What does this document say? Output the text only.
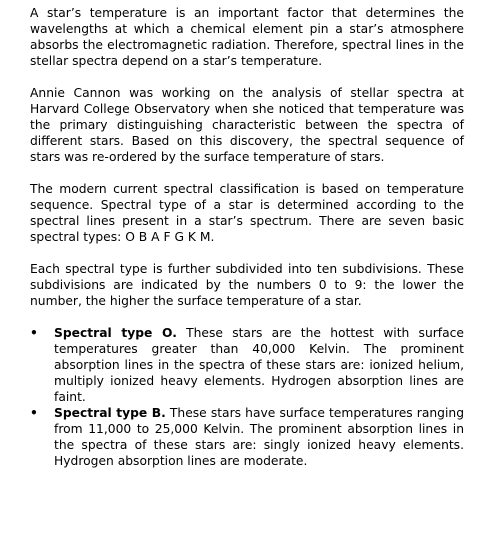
A star’s temperature is an important factor that determines the wavelengths at which a chemical element pin a star’s atmosphere absorbs the electromagnetic radiation. Therefore, spectral lines in the stellar spectra depend on a star’s temperature.

Annie Cannon was working on the analysis of stellar spectra at Harvard College Observatory when she noticed that temperature was the primary distinguishing characteristic between the spectra of different stars. Based on this discovery, the spectral sequence of stars was re-ordered by the surface temperature of stars.

The modern current spectral classification is based on temperature sequence. Spectral type of a star is determined according to the spectral lines present in a star’s spectrum. There are seven basic spectral types: O B A F G K M.

Each spectral type is further subdivided into ten subdivisions. These subdivisions are indicated by the numbers 0 to 9: the lower the number, the higher the surface temperature of a star.

• Spectral type O. These stars are the hottest with surface temperatures greater than 40,000 Kelvin. The prominent absorption lines in the spectra of these stars are: ionized helium, multiply ionized heavy elements. Hydrogen absorption lines are faint.
• Spectral type B. These stars have surface temperatures ranging from 11,000 to 25,000 Kelvin. The prominent absorption lines in the spectra of these stars are: singly ionized heavy elements. Hydrogen absorption lines are moderate.
